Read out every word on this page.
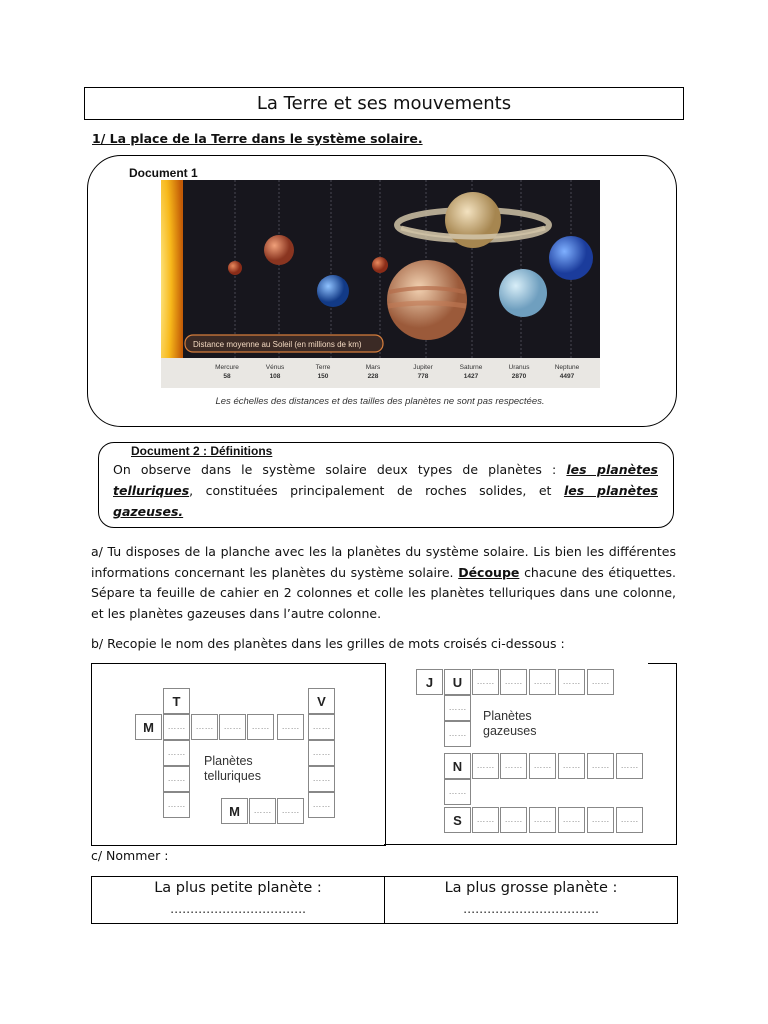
La Terre et ses mouvements
1/ La place de la Terre dans le système solaire.
Document 1
Distance moyenne au Soleil (en millions de km)
Mercure
58
Vénus
108
Terre
150
Mars
228
Jupiter
778
Saturne
1427
Uranus
2870
Neptune
4497
Les échelles des distances et des tailles des planètes ne sont pas respectées.
Document 2 : Définitions
On observe dans le système solaire deux types de planètes : les planètes telluriques, constituées principalement de roches solides, et les planètes gazeuses.
a/ Tu disposes de la planche avec les la planètes du système solaire. Lis bien les différentes informations concernant les planètes du système solaire. Découpe chacune des étiquettes. Sépare ta feuille de cahier en 2 colonnes et colle les planètes telluriques dans une colonne, et les planètes gazeuses dans l’autre colonne.
b/ Recopie le nom des planètes dans les grilles de mots croisés ci-dessous :
T
……
……
……
……
M	……	……	……	……
V
……
……
……
……
M	……	……
Planètes
telluriques
J	U	……	……	……	……	……
……
……
N
……
S
……	……	……	……	……	……
……	……	……	……	……	……
Planètes
gazeuses
c/ Nommer :
La plus petite planète :
…………………………….
La plus grosse planète :
…………………………….
